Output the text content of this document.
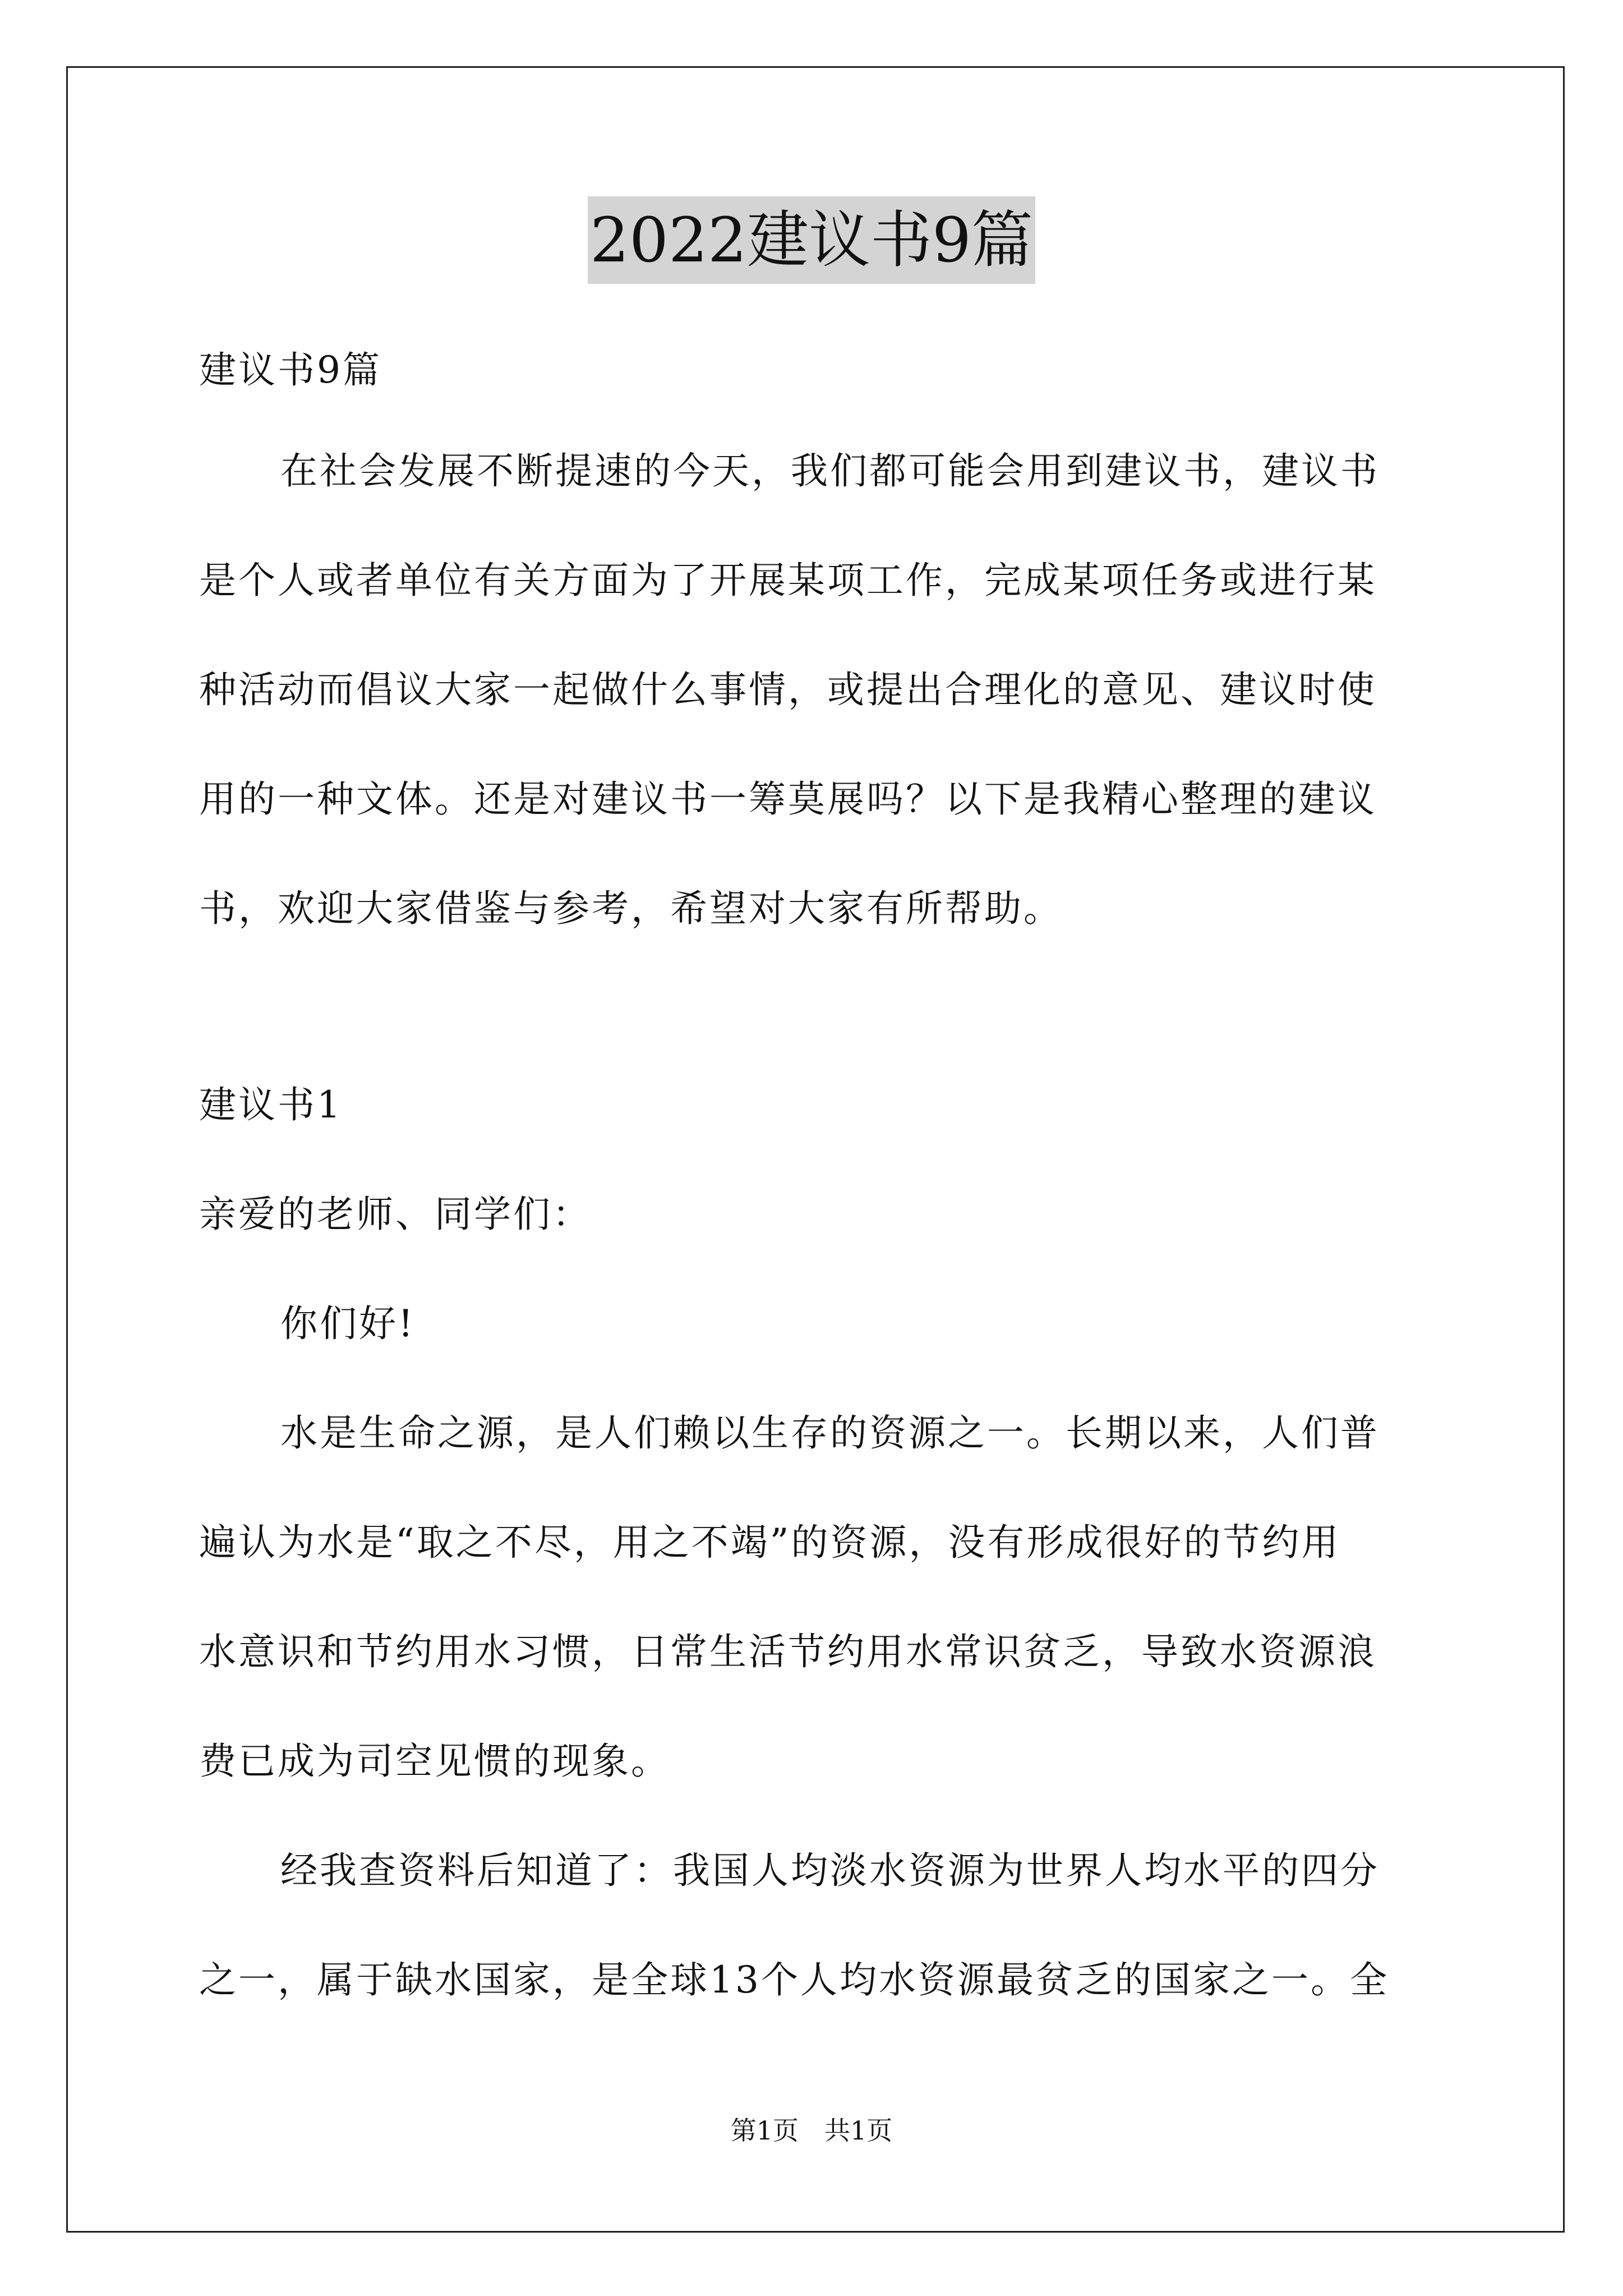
2022建议书9篇
建议书9篇
在社会发展不断提速的今天，我们都可能会用到建议书，建议书
是个人或者单位有关方面为了开展某项工作，完成某项任务或进行某
种活动而倡议大家一起做什么事情，或提出合理化的意见、建议时使
用的一种文体。还是对建议书一筹莫展吗？以下是我精心整理的建议
书，欢迎大家借鉴与参考，希望对大家有所帮助。
建议书1
亲爱的老师、同学们：
你们好!
水是生命之源，是人们赖以生存的资源之一。长期以来，人们普
遍认为水是“取之不尽，用之不竭”的资源，没有形成很好的节约用
水意识和节约用水习惯，日常生活节约用水常识贫乏，导致水资源浪
费已成为司空见惯的现象。
经我查资料后知道了：我国人均淡水资源为世界人均水平的四分
之一，属于缺水国家，是全球13个人均水资源最贫乏的国家之一。全
第1页　共1页
